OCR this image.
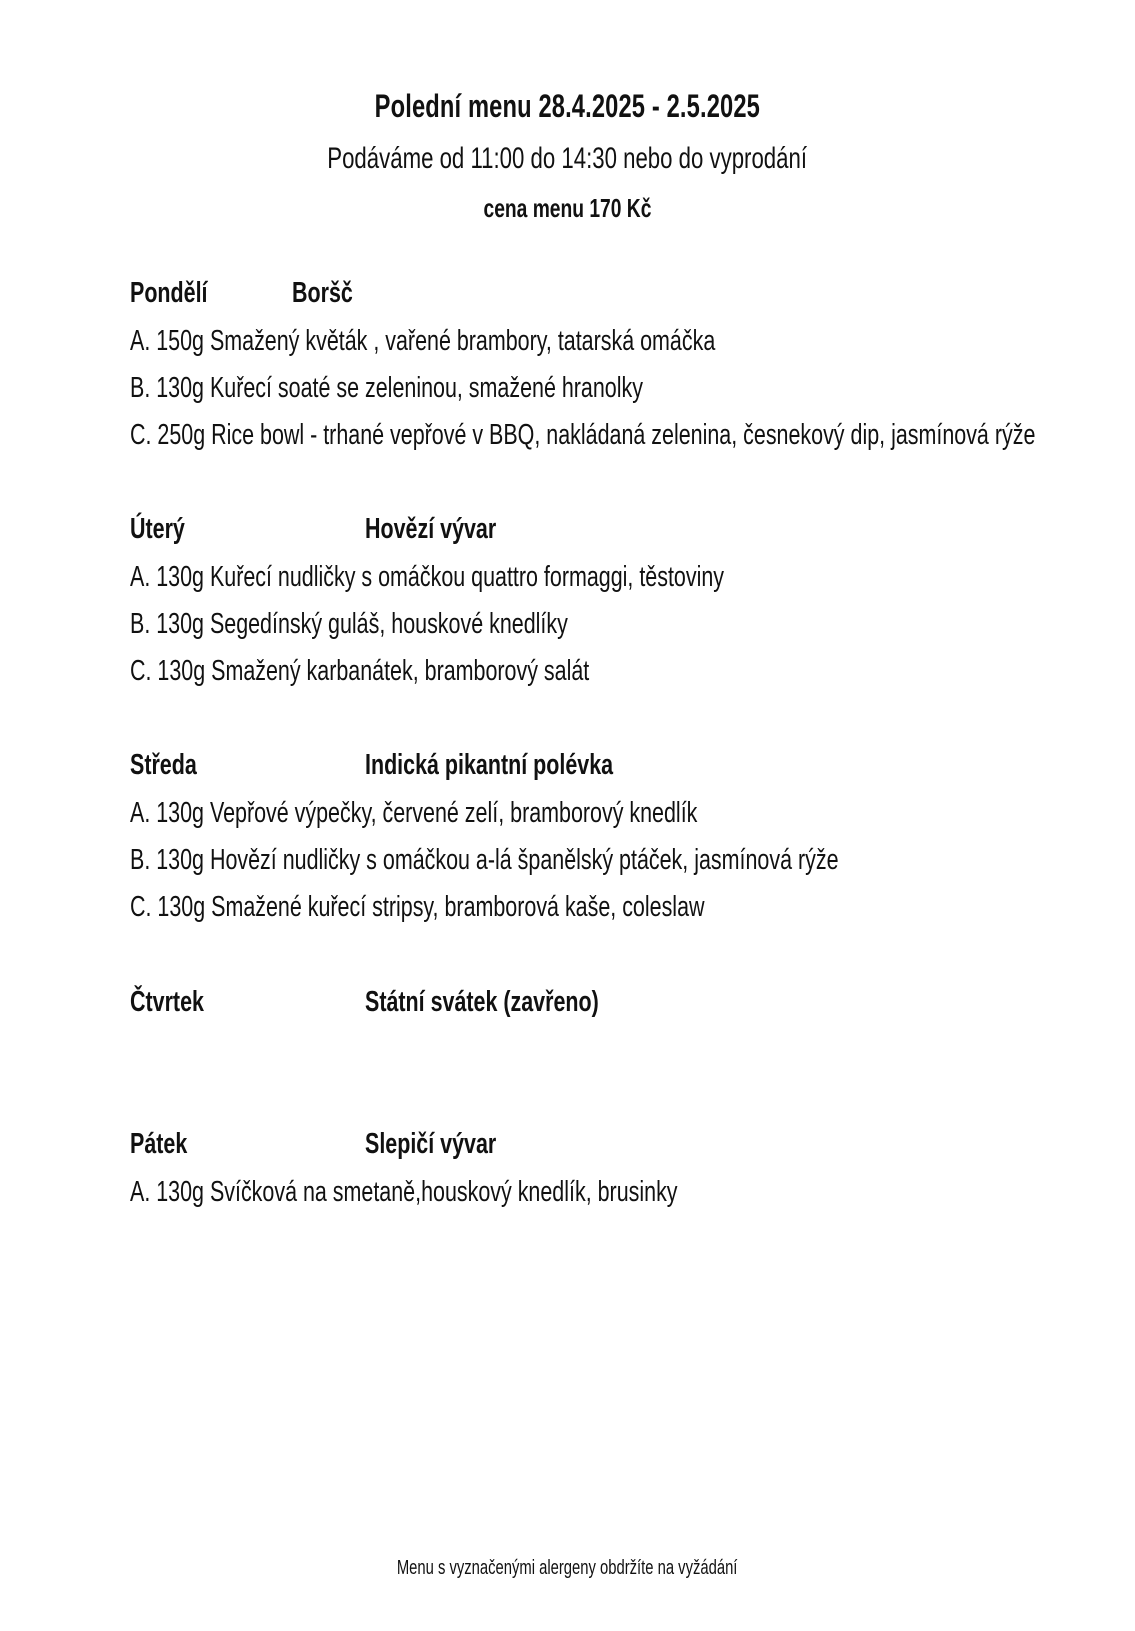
Polední menu 28.4.2025 - 2.5.2025
Podáváme od 11:00 do 14:30 nebo do vyprodání
cena menu 170 Kč
Pondělí	Boršč
A. 150g Smažený květák , vařené brambory, tatarská omáčka
B. 130g Kuřecí soaté se zeleninou, smažené hranolky
C. 250g Rice bowl - trhané vepřové v BBQ, nakládaná zelenina, česnekový dip, jasmínová rýže
Úterý	Hovězí vývar
A. 130g Kuřecí nudličky s omáčkou quattro formaggi, těstoviny
B. 130g Segedínský guláš, houskové knedlíky
C. 130g Smažený karbanátek, bramborový salát
Středa	Indická pikantní polévka
A. 130g Vepřové výpečky, červené zelí, bramborový knedlík
B. 130g Hovězí nudličky s omáčkou a-lá španělský ptáček, jasmínová rýže
C. 130g Smažené kuřecí stripsy, bramborová kaše, coleslaw
Čtvrtek	Státní svátek (zavřeno)
Pátek	Slepičí vývar
A. 130g Svíčková na smetaně,houskový knedlík, brusinky
Menu s vyznačenými alergeny obdržíte na vyžádání
